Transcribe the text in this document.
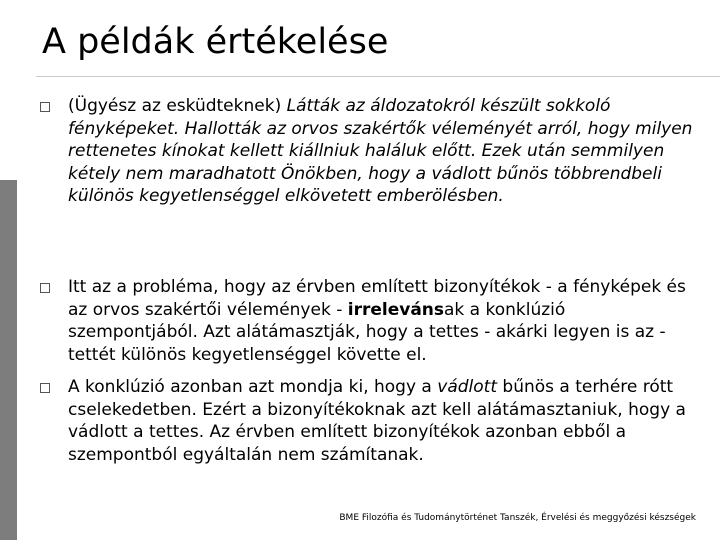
A példák értékelése
(Ügyész az esküdteknek) Látták az áldozatokról készült sokkoló fényképeket. Hallották az orvos szakértők véleményét arról, hogy milyen rettenetes kínokat kellett kiállniuk haláluk előtt. Ezek után semmilyen kétely nem maradhatott Önökben, hogy a vádlott bűnös többrendbeli különös kegyetlenséggel elkövetett emberölésben.
Itt az a probléma, hogy az érvben említett bizonyítékok - a fényképek és az orvos szakértői vélemények - irrelevánsak a konklúzió szempontjából. Azt alátámasztják, hogy a tettes - akárki legyen is az - tettét különös kegyetlenséggel követte el.
A konklúzió azonban azt mondja ki, hogy a vádlott bűnös a terhére rótt cselekedetben. Ezért a bizonyítékoknak azt kell alátámasztaniuk, hogy a vádlott a tettes. Az érvben említett bizonyítékok azonban ebből a szempontból egyáltalán nem számítanak.
BME Filozófia és Tudománytörténet Tanszék, Érvelési és meggyőzési készségek
